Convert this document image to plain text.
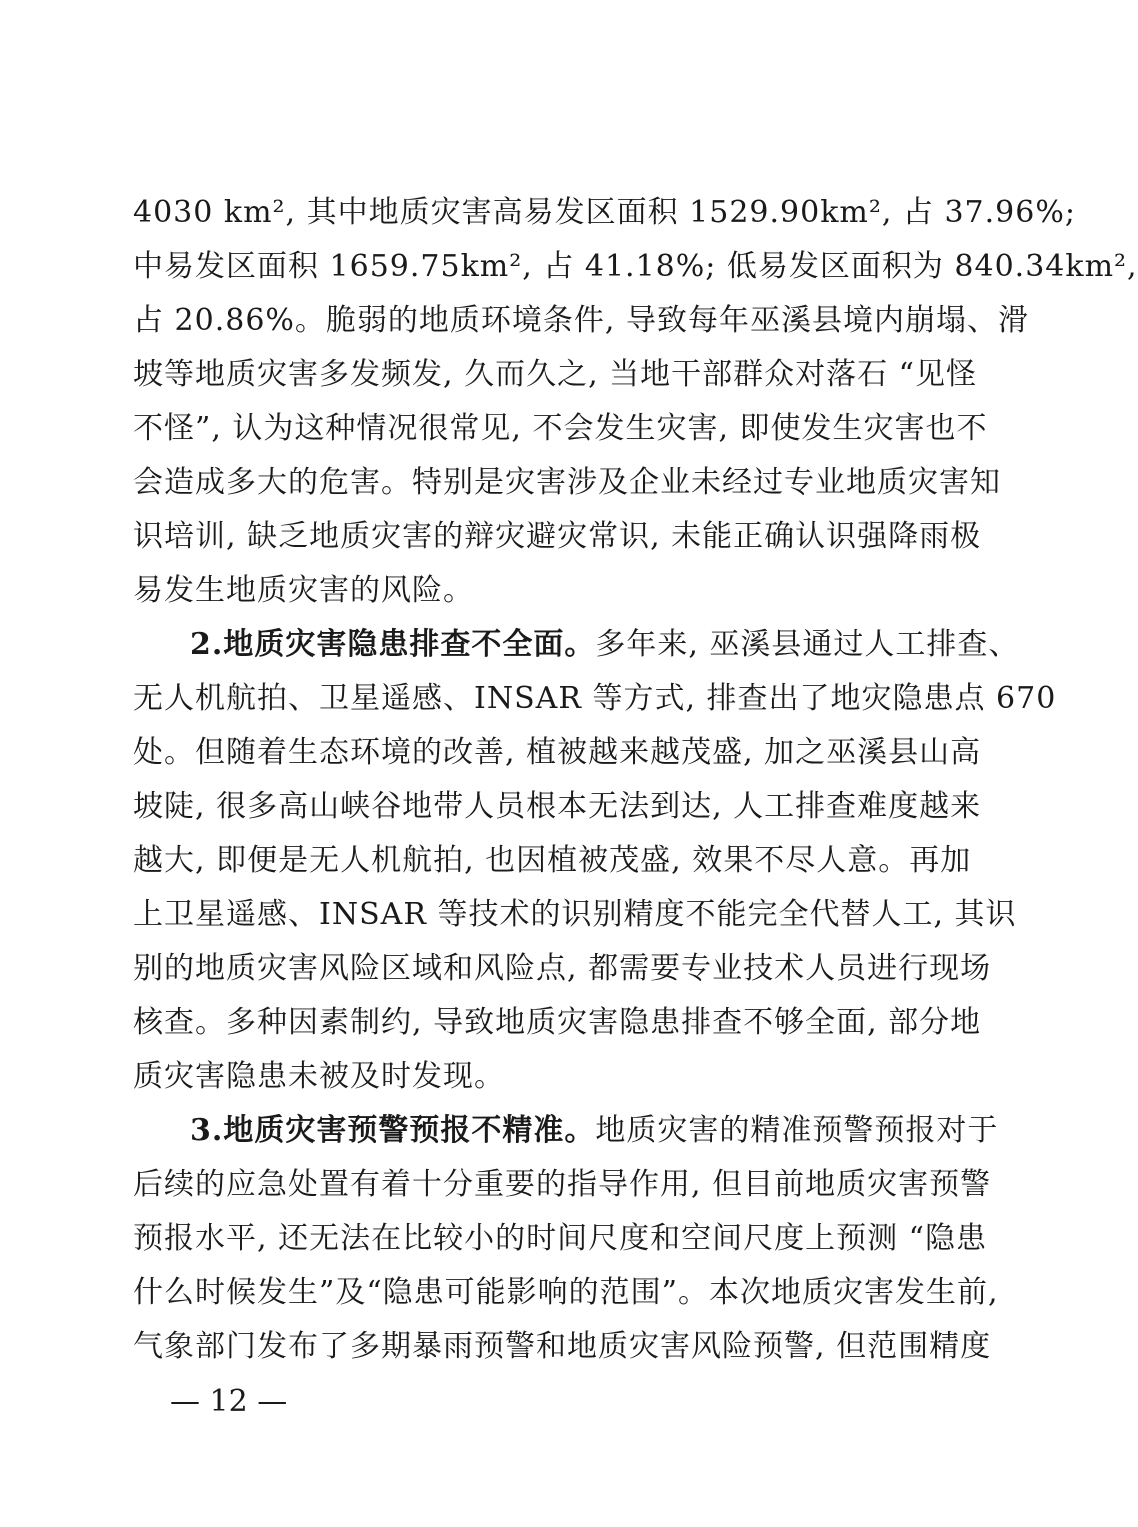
4030 km², 其中地质灾害高易发区面积 1529.90km², 占 37.96%;
中易发区面积 1659.75km², 占 41.18%; 低易发区面积为 840.34km²,
占 20.86%。脆弱的地质环境条件, 导致每年巫溪县境内崩塌、滑
坡等地质灾害多发频发, 久而久之, 当地干部群众对落石 “见怪
不怪”, 认为这种情况很常见, 不会发生灾害, 即使发生灾害也不
会造成多大的危害。特别是灾害涉及企业未经过专业地质灾害知
识培训, 缺乏地质灾害的辩灾避灾常识, 未能正确认识强降雨极
易发生地质灾害的风险。
2.地质灾害隐患排查不全面。多年来, 巫溪县通过人工排查、
无人机航拍、卫星遥感、INSAR 等方式, 排查出了地灾隐患点 670
处。但随着生态环境的改善, 植被越来越茂盛, 加之巫溪县山高
坡陡, 很多高山峡谷地带人员根本无法到达, 人工排查难度越来
越大, 即便是无人机航拍, 也因植被茂盛, 效果不尽人意。再加
上卫星遥感、INSAR 等技术的识别精度不能完全代替人工, 其识
别的地质灾害风险区域和风险点, 都需要专业技术人员进行现场
核查。多种因素制约, 导致地质灾害隐患排查不够全面, 部分地
质灾害隐患未被及时发现。
3.地质灾害预警预报不精准。地质灾害的精准预警预报对于
后续的应急处置有着十分重要的指导作用, 但目前地质灾害预警
预报水平, 还无法在比较小的时间尺度和空间尺度上预测 “隐患
什么时候发生”及“隐患可能影响的范围”。本次地质灾害发生前,
气象部门发布了多期暴雨预警和地质灾害风险预警, 但范围精度
— 12 —
